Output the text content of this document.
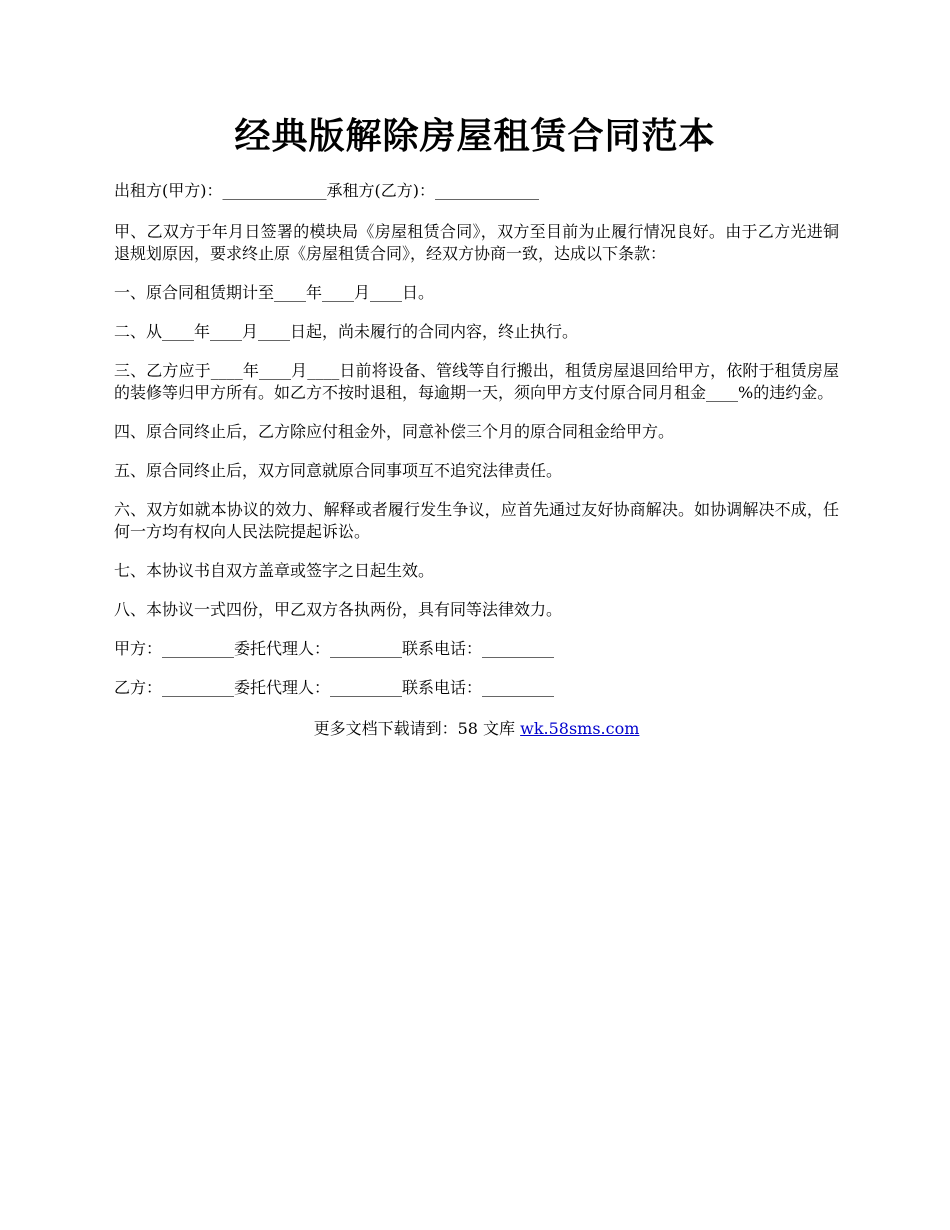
经典版解除房屋租赁合同范本

出租方(甲方)：_____________承租方(乙方)：_____________

甲、乙双方于年月日签署的模块局《房屋租赁合同》，双方至目前为止履行情况良好。由于乙方光进铜退规划原因，要求终止原《房屋租赁合同》，经双方协商一致，达成以下条款：

一、原合同租赁期计至____年____月____日。

二、从____年____月____日起，尚未履行的合同内容，终止执行。

三、乙方应于____年____月____日前将设备、管线等自行搬出，租赁房屋退回给甲方，依附于租赁房屋的装修等归甲方所有。如乙方不按时退租，每逾期一天，须向甲方支付原合同月租金____%的违约金。

四、原合同终止后，乙方除应付租金外，同意补偿三个月的原合同租金给甲方。

五、原合同终止后，双方同意就原合同事项互不追究法律责任。

六、双方如就本协议的效力、解释或者履行发生争议，应首先通过友好协商解决。如协调解决不成，任何一方均有权向人民法院提起诉讼。

七、本协议书自双方盖章或签字之日起生效。

八、本协议一式四份，甲乙双方各执两份，具有同等法律效力。

甲方：_________委托代理人：_________联系电话：_________

乙方：_________委托代理人：_________联系电话：_________

更多文档下载请到：58 文库 wk.58sms.com
